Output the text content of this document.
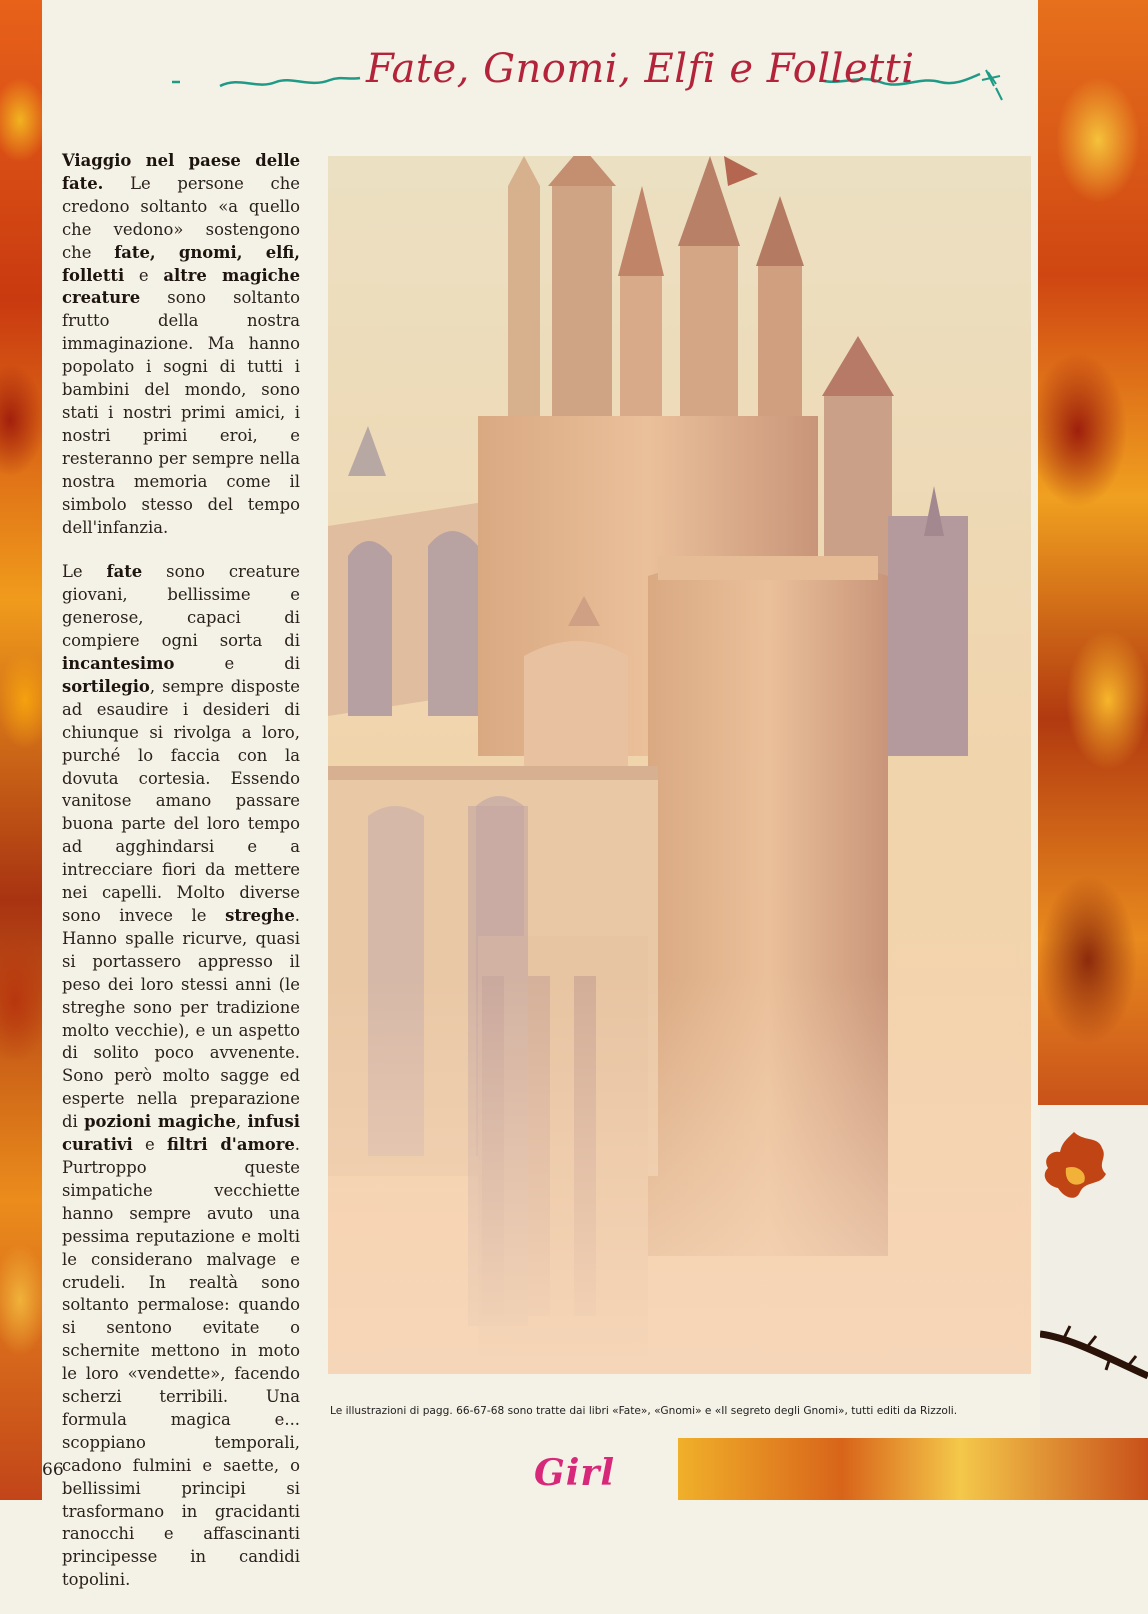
Fate, Gnomi, Elfi e Folletti

Viaggio nel paese delle fate. Le persone che credono soltanto «a quello che vedono» sostengono che fate, gnomi, elfi, folletti e altre magiche creature sono soltanto frutto della nostra immaginazione. Ma hanno popolato i sogni di tutti i bambini del mondo, sono stati i nostri primi amici, i nostri primi eroi, e resteranno per sempre nella nostra memoria come il simbolo stesso del tempo dell'infanzia.

Le fate sono creature giovani, bellissime e generose, capaci di compiere ogni sorta di incantesimo e di sortilegio, sempre disposte ad esaudire i desideri di chiunque si rivolga a loro, purché lo faccia con la dovuta cortesia. Essendo vanitose amano passare buona parte del loro tempo ad agghindarsi e a intrecciare fiori da mettere nei capelli. Molto diverse sono invece le streghe. Hanno spalle ricurve, quasi si portassero appresso il peso dei loro stessi anni (le streghe sono per tradizione molto vecchie), e un aspetto di solito poco avvenente. Sono però molto sagge ed esperte nella preparazione di pozioni magiche, infusi curativi e filtri d'amore. Purtroppo queste simpatiche vecchiette hanno sempre avuto una pessima reputazione e molti le considerano malvage e crudeli. In realtà sono soltanto permalose: quando si sentono evitate o schernite mettono in moto le loro «vendette», facendo scherzi terribili. Una formula magica e... scoppiano temporali, cadono fulmini e saette, o bellissimi principi si trasformano in gracidanti ranocchi e affascinanti principesse in candidi topolini.

Le illustrazioni di pagg. 66-67-68 sono tratte dai libri «Fate», «Gnomi» e «Il segreto degli Gnomi», tutti editi da Rizzoli.
66	Girl
